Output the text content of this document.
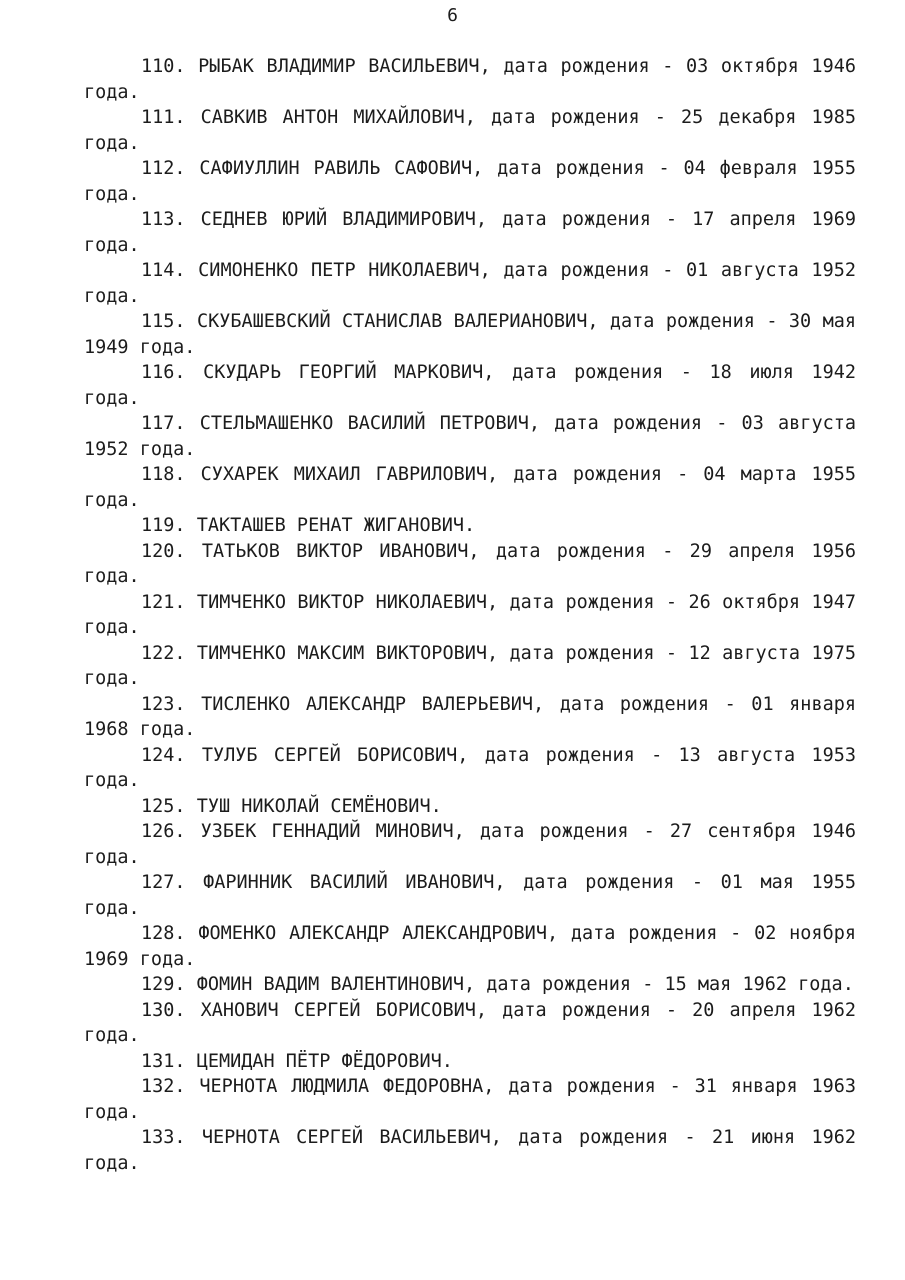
6

110. РЫБАК ВЛАДИМИР ВАСИЛЬЕВИЧ, дата рождения - 03 октября 1946 года.

111. САВКИВ АНТОН МИХАЙЛОВИЧ, дата рождения - 25 декабря 1985 года.

112. САФИУЛЛИН РАВИЛЬ САФОВИЧ, дата рождения - 04 февраля 1955 года.

113. СЕДНЕВ ЮРИЙ ВЛАДИМИРОВИЧ, дата рождения - 17 апреля 1969 года.

114. СИМОНЕНКО ПЕТР НИКОЛАЕВИЧ, дата рождения - 01 августа 1952 года.

115. СКУБАШЕВСКИЙ СТАНИСЛАВ ВАЛЕРИАНОВИЧ, дата рождения - 30 мая 1949 года.

116. СКУДАРЬ ГЕОРГИЙ МАРКОВИЧ, дата рождения - 18 июля 1942 года.

117. СТЕЛЬМАШЕНКО ВАСИЛИЙ ПЕТРОВИЧ, дата рождения - 03 августа 1952 года.

118. СУХАРЕК МИХАИЛ ГАВРИЛОВИЧ, дата рождения - 04 марта 1955 года.

119. ТАКТАШЕВ РЕНАТ ЖИГАНОВИЧ.

120. ТАТЬКОВ ВИКТОР ИВАНОВИЧ, дата рождения - 29 апреля 1956 года.

121. ТИМЧЕНКО ВИКТОР НИКОЛАЕВИЧ, дата рождения - 26 октября 1947 года.

122. ТИМЧЕНКО МАКСИМ ВИКТОРОВИЧ, дата рождения - 12 августа 1975 года.

123. ТИСЛЕНКО АЛЕКСАНДР ВАЛЕРЬЕВИЧ, дата рождения - 01 января 1968 года.

124. ТУЛУБ СЕРГЕЙ БОРИСОВИЧ, дата рождения - 13 августа 1953 года.

125. ТУШ НИКОЛАЙ СЕМЁНОВИЧ.

126. УЗБЕК ГЕННАДИЙ МИНОВИЧ, дата рождения - 27 сентября 1946 года.

127. ФАРИННИК ВАСИЛИЙ ИВАНОВИЧ, дата рождения - 01 мая 1955 года.

128. ФОМЕНКО АЛЕКСАНДР АЛЕКСАНДРОВИЧ, дата рождения - 02 ноября 1969 года.

129. ФОМИН ВАДИМ ВАЛЕНТИНОВИЧ, дата рождения - 15 мая 1962 года.

130. ХАНОВИЧ СЕРГЕЙ БОРИСОВИЧ, дата рождения - 20 апреля 1962 года.

131. ЦЕМИДАН ПЁТР ФЁДОРОВИЧ.

132. ЧЕРНОТА ЛЮДМИЛА ФЕДОРОВНА, дата рождения - 31 января 1963 года.

133. ЧЕРНОТА СЕРГЕЙ ВАСИЛЬЕВИЧ, дата рождения - 21 июня 1962 года.
